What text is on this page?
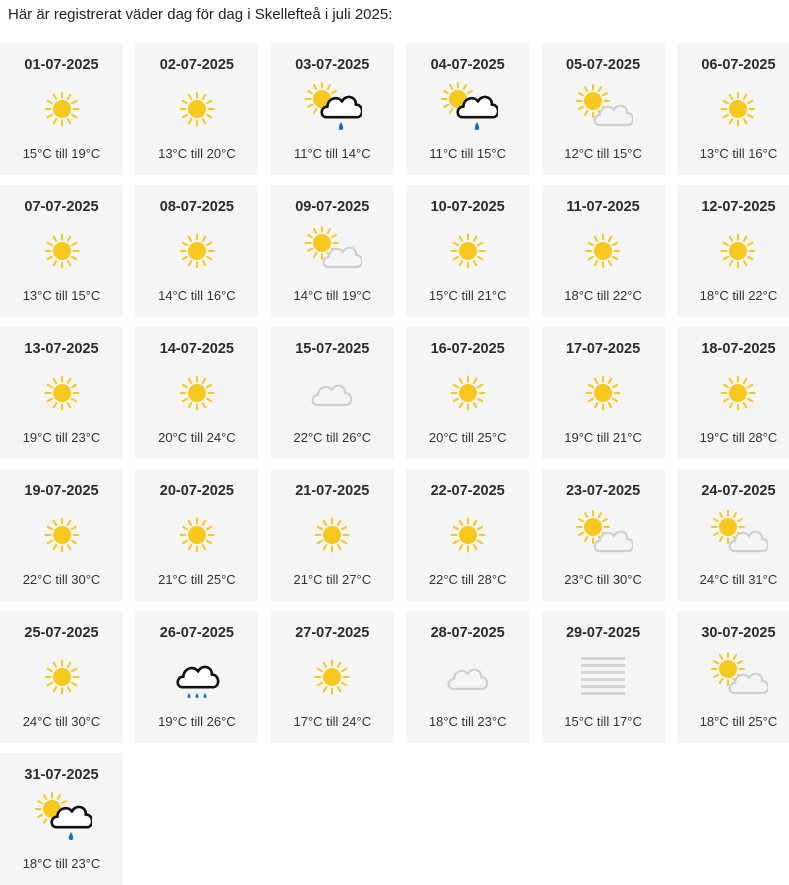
Här är registrerat väder dag för dag i Skellefteå i juli 2025:
01-07-2025
15°C till 19°C
02-07-2025
13°C till 20°C
03-07-2025
11°C till 14°C
04-07-2025
11°C till 15°C
05-07-2025
12°C till 15°C
06-07-2025
13°C till 16°C
07-07-2025
13°C till 15°C
08-07-2025
14°C till 16°C
09-07-2025
14°C till 19°C
10-07-2025
15°C till 21°C
11-07-2025
18°C till 22°C
12-07-2025
18°C till 22°C
13-07-2025
19°C till 23°C
14-07-2025
20°C till 24°C
15-07-2025
22°C till 26°C
16-07-2025
20°C till 25°C
17-07-2025
19°C till 21°C
18-07-2025
19°C till 28°C
19-07-2025
22°C till 30°C
20-07-2025
21°C till 25°C
21-07-2025
21°C till 27°C
22-07-2025
22°C till 28°C
23-07-2025
23°C till 30°C
24-07-2025
24°C till 31°C
25-07-2025
24°C till 30°C
26-07-2025
19°C till 26°C
27-07-2025
17°C till 24°C
28-07-2025
18°C till 23°C
29-07-2025
15°C till 17°C
30-07-2025
18°C till 25°C
31-07-2025
18°C till 23°C
